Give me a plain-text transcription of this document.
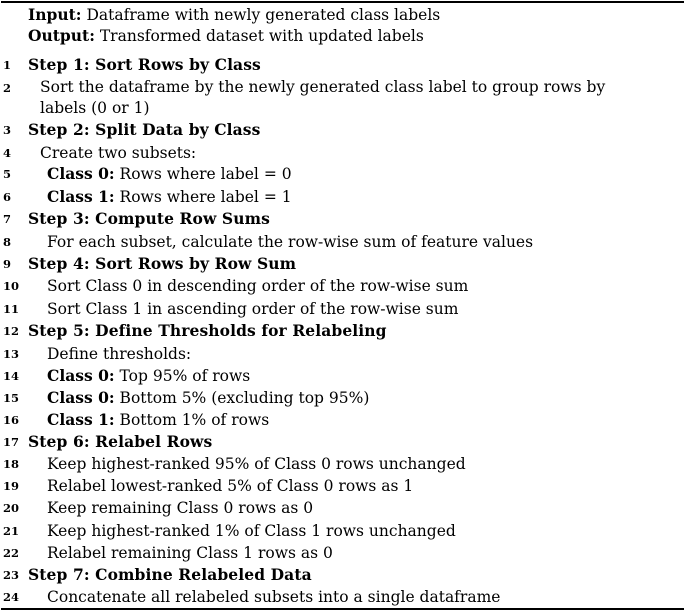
Input: Dataframe with newly generated class labels
Output: Transformed dataset with updated labels
1	Step 1: Sort Rows by Class
2	Sort the dataframe by the newly generated class label to group rows by labels (0 or 1)
3	Step 2: Split Data by Class
4	Create two subsets:
5	Class 0: Rows where label = 0
6	Class 1: Rows where label = 1
7	Step 3: Compute Row Sums
8	For each subset, calculate the row-wise sum of feature values
9	Step 4: Sort Rows by Row Sum
10 Sort Class 0 in descending order of the row-wise sum
11 Sort Class 1 in ascending order of the row-wise sum
12 Step 5: Define Thresholds for Relabeling
13 Define thresholds:
14 Class 0: Top 95% of rows
15 Class 0: Bottom 5% (excluding top 95%)
16 Class 1: Bottom 1% of rows
17 Step 6: Relabel Rows
18 Keep highest-ranked 95% of Class 0 rows unchanged
19 Relabel lowest-ranked 5% of Class 0 rows as 1
20 Keep remaining Class 0 rows as 0
21 Keep highest-ranked 1% of Class 1 rows unchanged
22 Relabel remaining Class 1 rows as 0
23 Step 7: Combine Relabeled Data
24 Concatenate all relabeled subsets into a single dataframe
